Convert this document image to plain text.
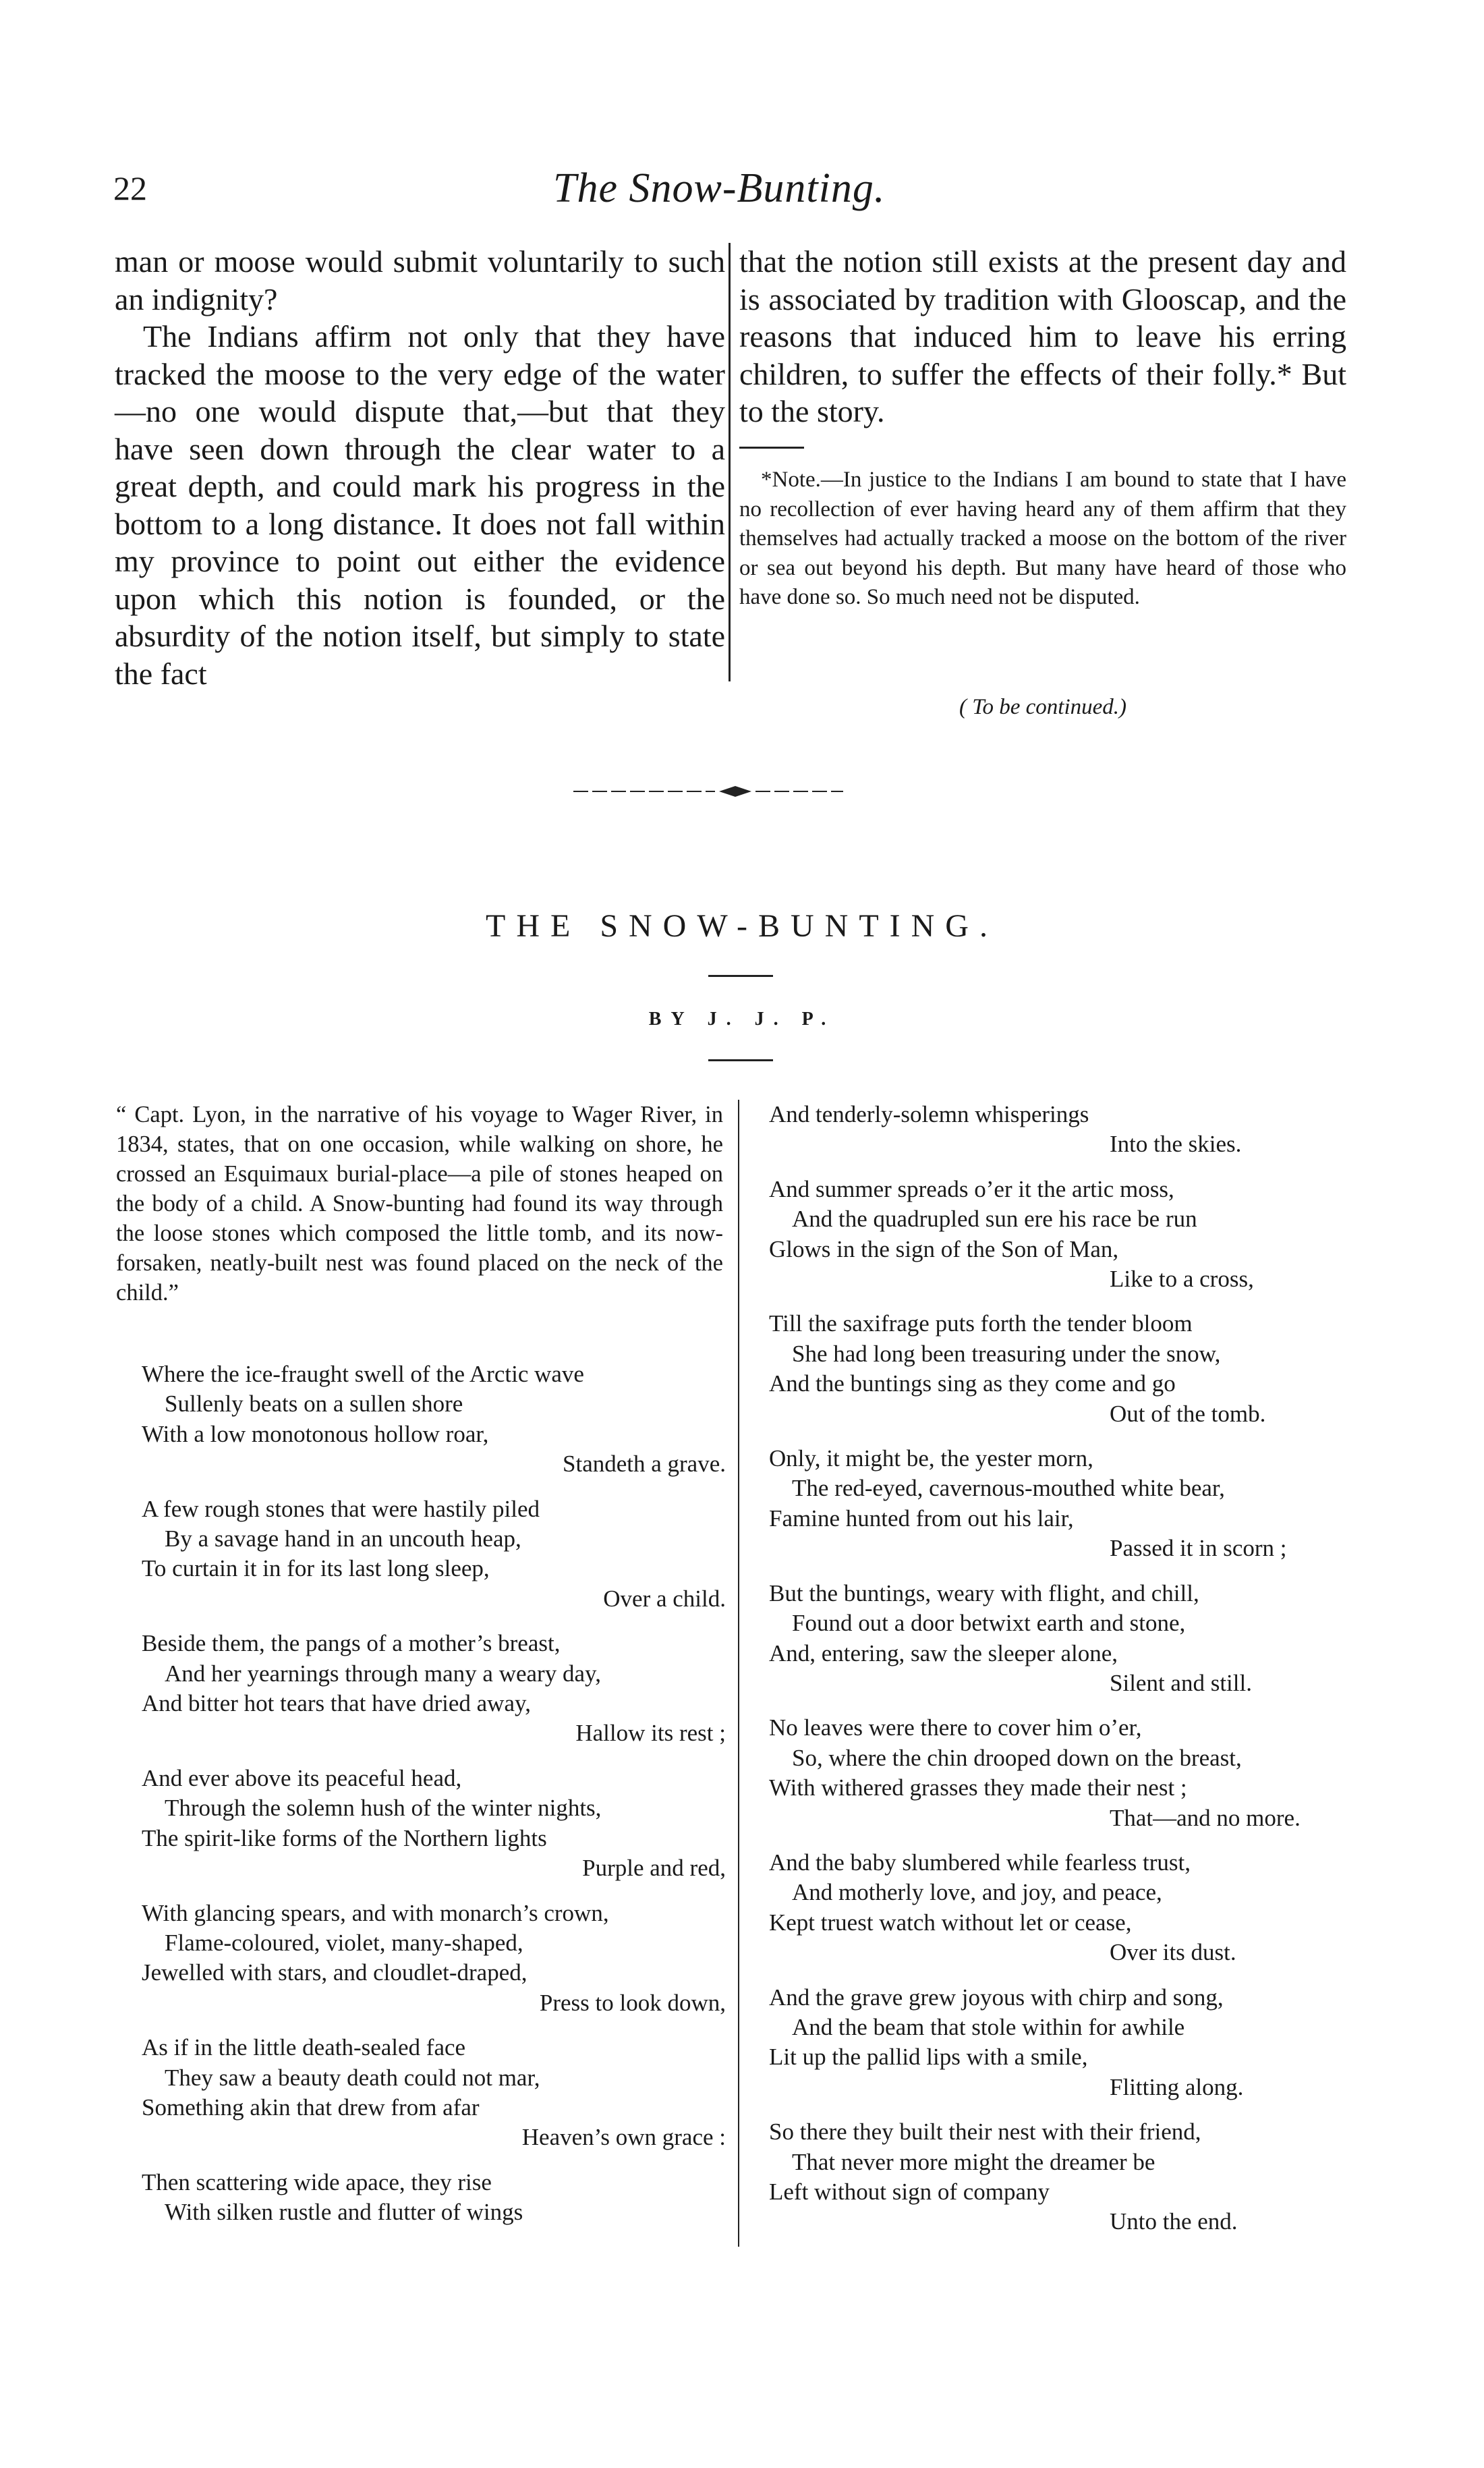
22	The Snow-Bunting.

man or moose would submit voluntarily to such an indignity?

The Indians affirm not only that they have tracked the moose to the very edge of the water—no one would dispute that,—but that they have seen down through the clear water to a great depth, and could mark his progress in the bottom to a long distance. It does not fall within my province to point out either the evidence upon which this notion is founded, or the absurdity of the notion itself, but simply to state the fact

that the notion still exists at the present day and is associated by tradition with Glooscap, and the reasons that induced him to leave his erring children, to suffer the effects of their folly.* But to the story.

*Note.—In justice to the Indians I am bound to state that I have no recollection of ever having heard any of them affirm that they themselves had actually tracked a moose on the bottom of the river or sea out beyond his depth. But many have heard of those who have done so. So much need not be disputed.
( To be continued.)
THE SNOW-BUNTING.
BY J. J. P.
“ Capt. Lyon, in the narrative of his voyage to Wager River, in 1834, states, that on one occasion, while walking on shore, he crossed an Esquimaux burial-place—a pile of stones heaped on the body of a child. A Snow-bunting had found its way through the loose stones which composed the little tomb, and its now-forsaken, neatly-built nest was found placed on the neck of the child.”
Where the ice-fraught swell of the Arctic wave
Sullenly beats on a sullen shore
With a low monotonous hollow roar,
Standeth a grave.
A few rough stones that were hastily piled
By a savage hand in an uncouth heap,
To curtain it in for its last long sleep,
Over a child.
Beside them, the pangs of a mother’s breast,
And her yearnings through many a weary day,
And bitter hot tears that have dried away,
Hallow its rest ;
And ever above its peaceful head,
Through the solemn hush of the winter nights,
The spirit-like forms of the Northern lights
Purple and red,
With glancing spears, and with monarch’s crown,
Flame-coloured, violet, many-shaped,
Jewelled with stars, and cloudlet-draped,
Press to look down,
As if in the little death-sealed face
They saw a beauty death could not mar,
Something akin that drew from afar
Heaven’s own grace :
Then scattering wide apace, they rise
With silken rustle and flutter of wings
And tenderly-solemn whisperings
Into the skies.
And summer spreads o’er it the artic moss,
And the quadrupled sun ere his race be run
Glows in the sign of the Son of Man,
Like to a cross,
Till the saxifrage puts forth the tender bloom
She had long been treasuring under the snow,
And the buntings sing as they come and go
Out of the tomb.
Only, it might be, the yester morn,
The red-eyed, cavernous-mouthed white bear,
Famine hunted from out his lair,
Passed it in scorn ;
But the buntings, weary with flight, and chill,
Found out a door betwixt earth and stone,
And, entering, saw the sleeper alone,
Silent and still.
No leaves were there to cover him o’er,
So, where the chin drooped down on the breast,
With withered grasses they made their nest ;
That—and no more.
And the baby slumbered while fearless trust,
And motherly love, and joy, and peace,
Kept truest watch without let or cease,
Over its dust.
And the grave grew joyous with chirp and song,
And the beam that stole within for awhile
Lit up the pallid lips with a smile,
Flitting along.
So there they built their nest with their friend,
That never more might the dreamer be
Left without sign of company
Unto the end.
